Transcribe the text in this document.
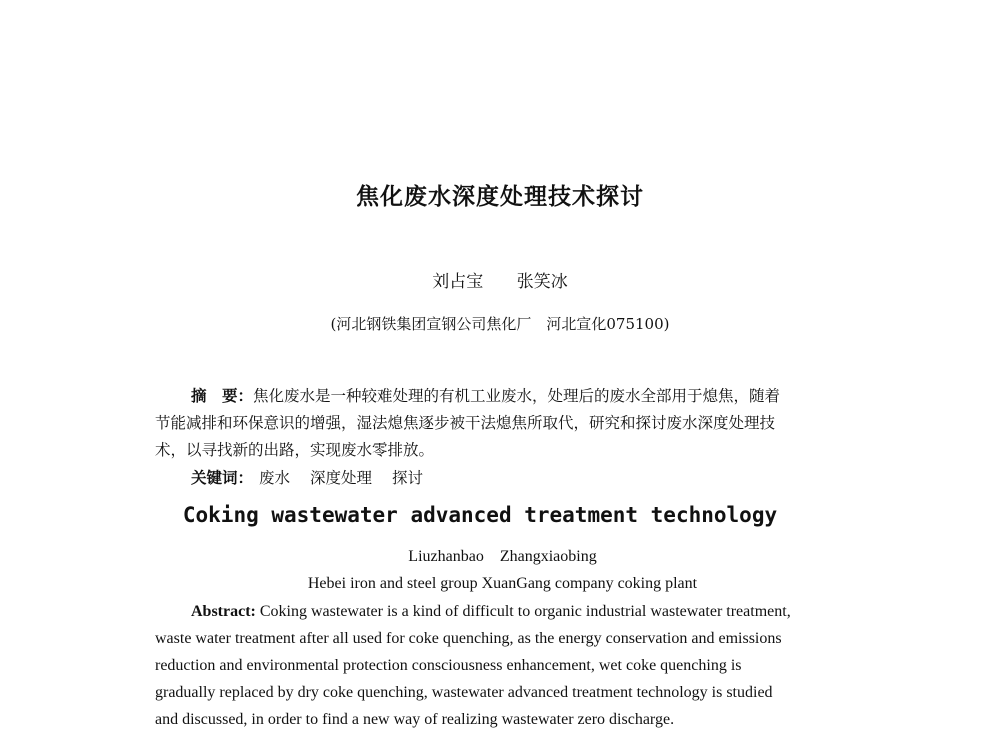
焦化废水深度处理技术探讨
刘占宝 张笑冰
(河北钢铁集团宣钢公司焦化厂　河北宣化075100)
摘　要：焦化废水是一种较难处理的有机工业废水，处理后的废水全部用于熄焦，随着
节能减排和环保意识的增强，湿法熄焦逐步被干法熄焦所取代，研究和探讨废水深度处理技
术，以寻找新的出路，实现废水零排放。
关键词： 废水 深度处理 探讨
Coking wastewater advanced treatment technology
Liuzhanbao Zhangxiaobing
Hebei iron and steel group XuanGang company coking plant
Abstract: Coking wastewater is a kind of difficult to organic industrial wastewater treatment,
waste water treatment after all used for coke quenching, as the energy conservation and emissions
reduction and environmental protection consciousness enhancement, wet coke quenching is
gradually replaced by dry coke quenching, wastewater advanced treatment technology is studied
and discussed, in order to find a new way of realizing wastewater zero discharge.
